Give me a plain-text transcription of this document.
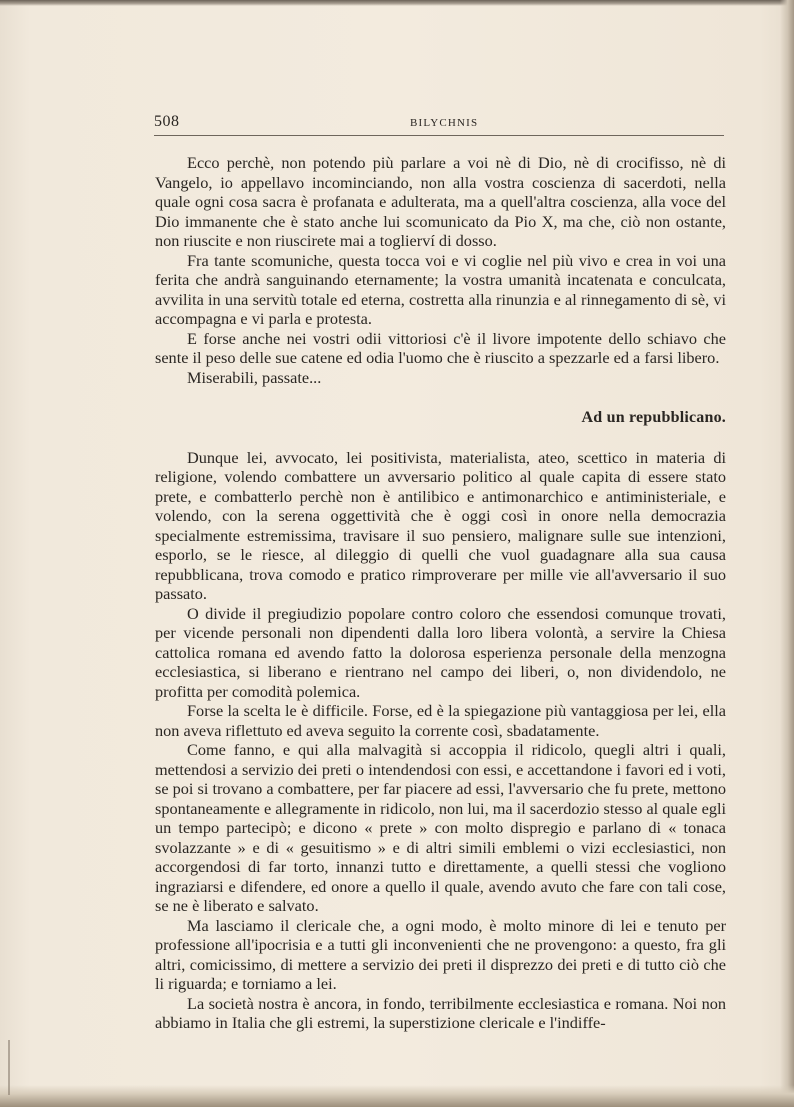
508	BILYCHNIS

Ecco perchè, non potendo più parlare a voi nè di Dio, nè di crocifisso, nè di Vangelo, io appellavo incominciando, non alla vostra coscienza di sacerdoti, nella quale ogni cosa sacra è profanata e adulterata, ma a quell'altra coscienza, alla voce del Dio immanente che è stato anche lui scomunicato da Pio X, ma che, ciò non ostante, non riuscite e non riuscirete mai a toglierví di dosso.

Fra tante scomuniche, questa tocca voi e vi coglie nel più vivo e crea in voi una ferita che andrà sanguinando eternamente; la vostra umanità incatenata e conculcata, avvilita in una servitù totale ed eterna, costretta alla rinunzia e al rinnegamento di sè, vi accompagna e vi parla e protesta.

E forse anche nei vostri odii vittoriosi c'è il livore impotente dello schiavo che sente il peso delle sue catene ed odia l'uomo che è riuscito a spezzarle ed a farsi libero.

Miserabili, passate...

Ad un repubblicano.

Dunque lei, avvocato, lei positivista, materialista, ateo, scettico in materia di religione, volendo combattere un avversario politico al quale capita di essere stato prete, e combatterlo perchè non è antilibico e antimonarchico e antiministeriale, e volendo, con la serena oggettività che è oggi così in onore nella democrazia specialmente estremissima, travisare il suo pensiero, malignare sulle sue intenzioni, esporlo, se le riesce, al dileggio di quelli che vuol guadagnare alla sua causa repubblicana, trova comodo e pratico rimproverare per mille vie all'avversario il suo passato.

O divide il pregiudizio popolare contro coloro che essendosi comunque trovati, per vicende personali non dipendenti dalla loro libera volontà, a servire la Chiesa cattolica romana ed avendo fatto la dolorosa esperienza personale della menzogna ecclesiastica, si liberano e rientrano nel campo dei liberi, o, non dividendolo, ne profitta per comodità polemica.

Forse la scelta le è difficile. Forse, ed è la spiegazione più vantaggiosa per lei, ella non aveva riflettuto ed aveva seguito la corrente così, sbadatamente.

Come fanno, e qui alla malvagità si accoppia il ridicolo, quegli altri i quali, mettendosi a servizio dei preti o intendendosi con essi, e accettandone i favori ed i voti, se poi si trovano a combattere, per far piacere ad essi, l'avversario che fu prete, mettono spontaneamente e allegramente in ridicolo, non lui, ma il sacerdozio stesso al quale egli un tempo partecipò; e dicono « prete » con molto dispregio e parlano di « tonaca svolazzante » e di « gesuitismo » e di altri simili emblemi o vizi ecclesiastici, non accorgendosi di far torto, innanzi tutto e direttamente, a quelli stessi che vogliono ingraziarsi e difendere, ed onore a quello il quale, avendo avuto che fare con tali cose, se ne è liberato e salvato.

Ma lasciamo il clericale che, a ogni modo, è molto minore di lei e tenuto per professione all'ipocrisia e a tutti gli inconvenienti che ne provengono: a questo, fra gli altri, comicissimo, di mettere a servizio dei preti il disprezzo dei preti e di tutto ciò che li riguarda; e torniamo a lei.

La società nostra è ancora, in fondo, terribilmente ecclesiastica e romana. Noi non abbiamo in Italia che gli estremi, la superstizione clericale e l'indiffe-
